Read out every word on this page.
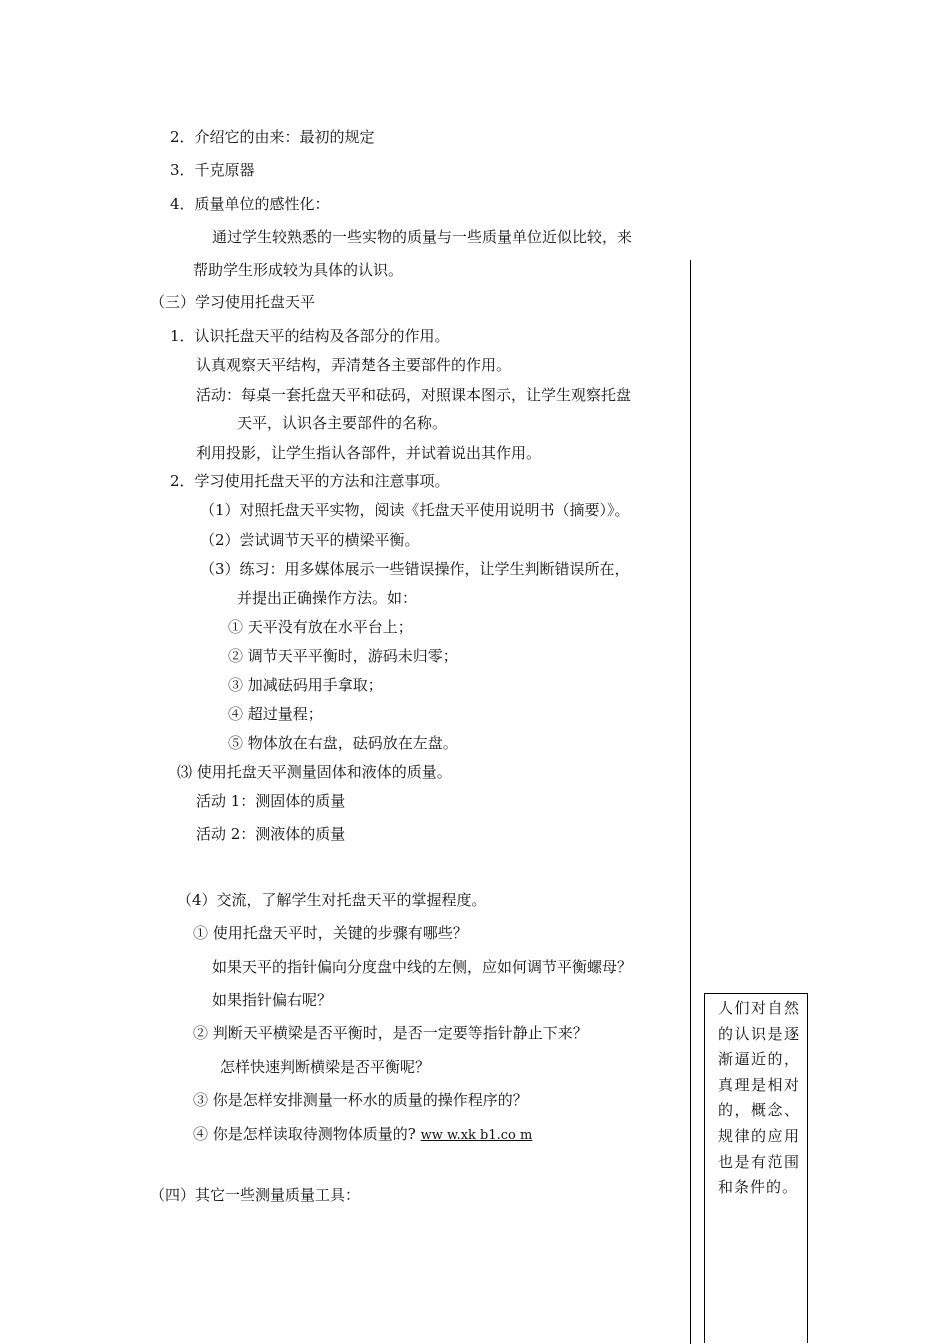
2．介绍它的由来：最初的规定
3．千克原器
4．质量单位的感性化：
通过学生较熟悉的一些实物的质量与一些质量单位近似比较，来
帮助学生形成较为具体的认识。
（三）学习使用托盘天平
1．认识托盘天平的结构及各部分的作用。
认真观察天平结构，弄清楚各主要部件的作用。
活动：每桌一套托盘天平和砝码，对照课本图示，让学生观察托盘
天平，认识各主要部件的名称。
利用投影，让学生指认各部件，并试着说出其作用。
2．学习使用托盘天平的方法和注意事项。
（1）对照托盘天平实物，阅读《托盘天平使用说明书（摘要）》。
（2）尝试调节天平的横梁平衡。
（3）练习：用多媒体展示一些错误操作，让学生判断错误所在，
并提出正确操作方法。如：
① 天平没有放在水平台上；
② 调节天平平衡时，游码未归零；
③ 加减砝码用手拿取；
④ 超过量程；
⑤ 物体放在右盘，砝码放在左盘。
⑶ 使用托盘天平测量固体和液体的质量。
活动 1：测固体的质量
活动 2：测液体的质量
（4）交流，了解学生对托盘天平的掌握程度。
① 使用托盘天平时，关键的步骤有哪些？
如果天平的指针偏向分度盘中线的左侧，应如何调节平衡螺母？
如果指针偏右呢？
② 判断天平横梁是否平衡时，是否一定要等指针静止下来？
怎样快速判断横梁是否平衡呢？
③ 你是怎样安排测量一杯水的质量的操作程序的？
④ 你是怎样读取待测物体质量的? ww w.xk b1.co m
（四）其它一些测量质量工具：
人们对自然的认识是逐渐逼近的，真理是相对的，概念、规律的应用也是有范围和条件的。
